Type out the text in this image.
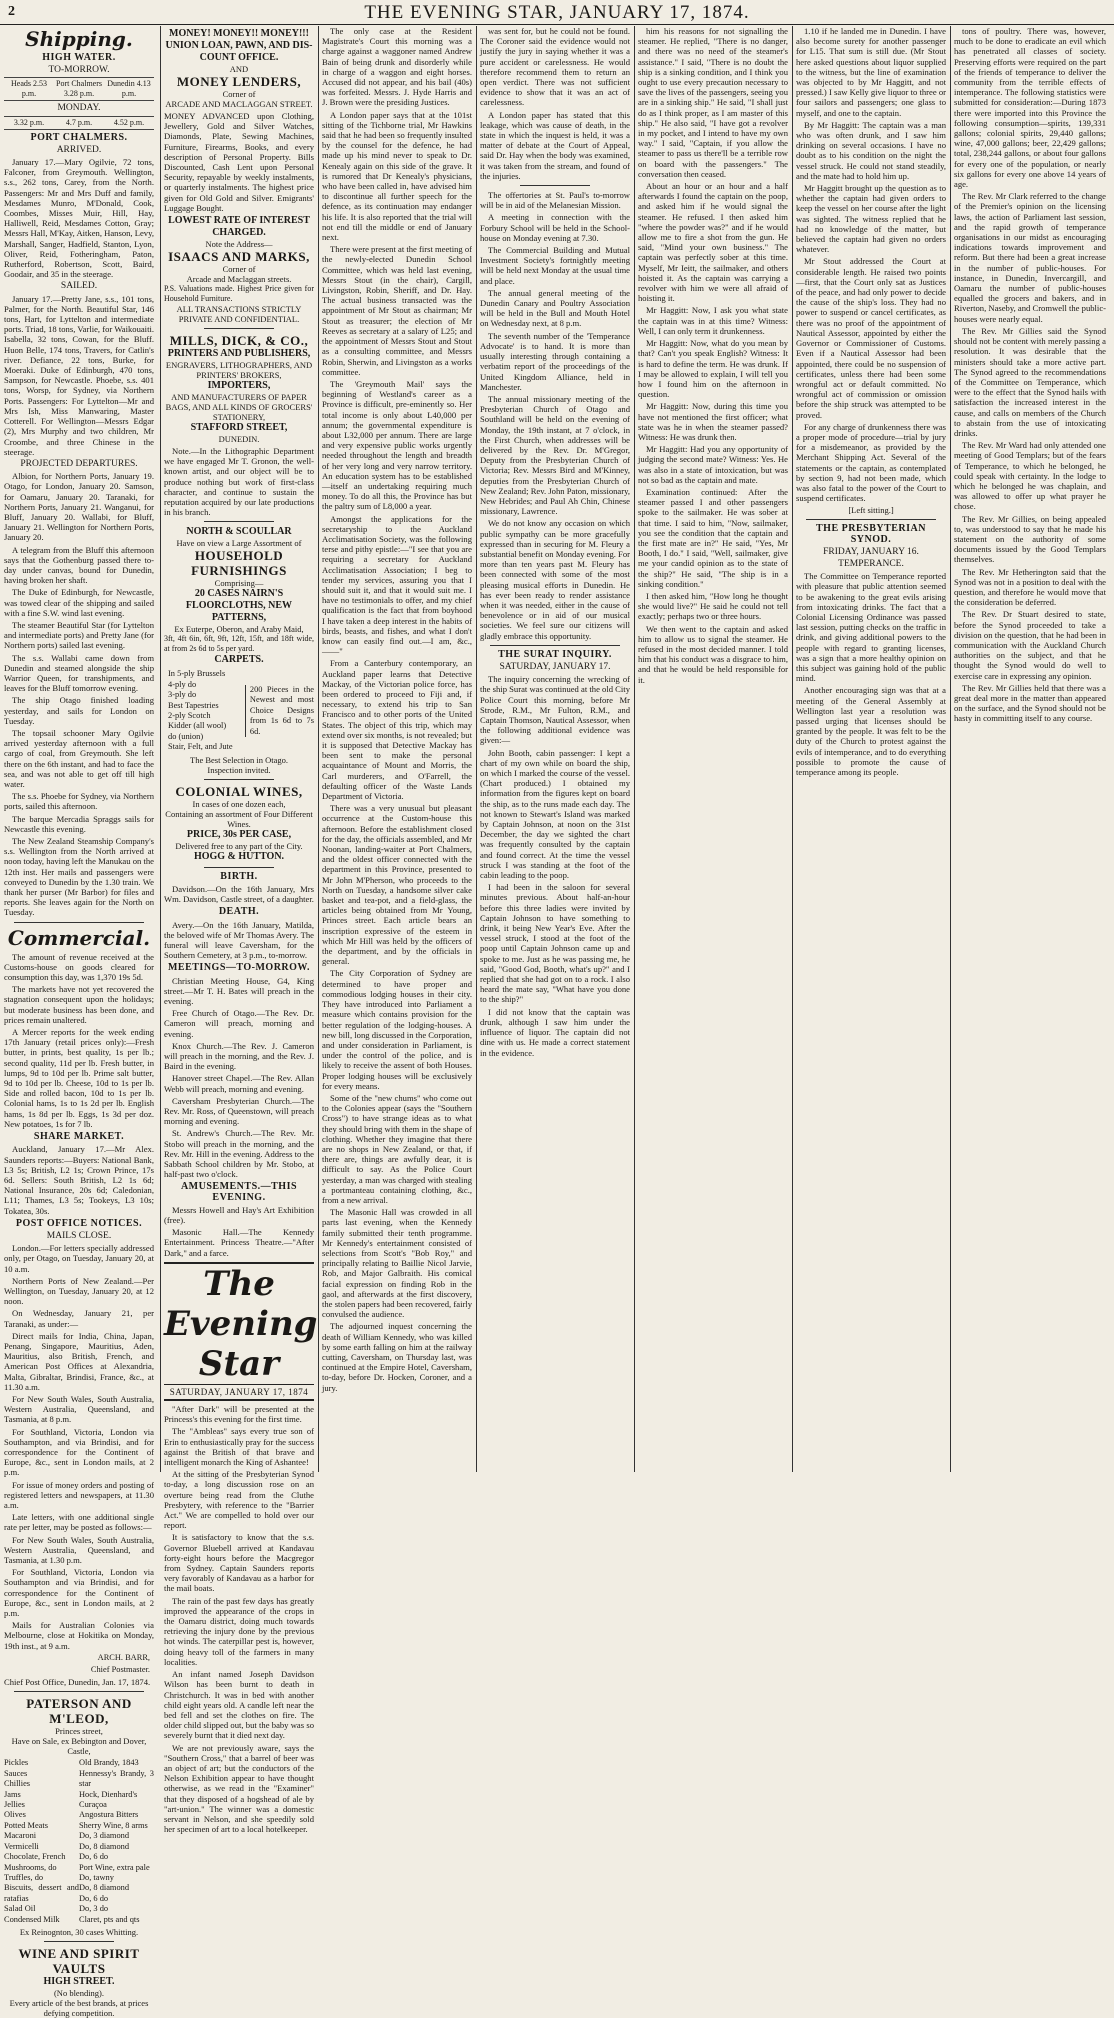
2	THE EVENING STAR, JANUARY 17, 1874.
Shipping.
HIGH WATER.
TO-MORROW.
Heads 2.53 p.m.
Port Chalmers 3.28 p.m.
Dunedin 4.13 p.m.
MONDAY.
3.32 p.m.	4.7 p.m.	4.52 p.m.
PORT CHALMERS.
ARRIVED.

January 17.—Mary Ogilvie, 72 tons, Falconer, from Greymouth. Wellington, s.s., 262 tons, Carey, from the North. Passengers: Mr and Mrs Duff and family, Mesdames Munro, M'Donald, Cook, Coombes, Misses Muir, Hill, Hay, Halliwell, Reid, Mesdames Cotton, Gray; Messrs Hall, M'Kay, Aitken, Hanson, Levy, Marshall, Sanger, Hadfield, Stanton, Lyon, Oliver, Reid, Fotheringham, Paton, Rutherford, Robertson, Scott, Baird, Goodair, and 35 in the steerage.

SAILED.

January 17.—Pretty Jane, s.s., 101 tons, Palmer, for the North. Beautiful Star, 146 tons, Hart, for Lyttelton and intermediate ports. Triad, 18 tons, Varlie, for Waikouaiti. Isabella, 32 tons, Cowan, for the Bluff. Huon Belle, 174 tons, Travers, for Catlin's river. Defiance, 22 tons, Burke, for Moeraki. Duke of Edinburgh, 470 tons, Sampson, for Newcastle. Phoebe, s.s. 401 tons, Worsp, for Sydney, via Northern Ports. Passengers: For Lyttelton—Mr and Mrs Ish, Miss Manwaring, Master Cotterell. For Wellington—Messrs Edgar (2), Mrs Murphy and two children, Mr Croombe, and three Chinese in the steerage.

PROJECTED DEPARTURES.

Albion, for Northern Ports, January 19. Otago, for London, January 20. Samson, for Oamaru, January 20. Taranaki, for Northern Ports, January 21. Wanganui, for Bluff, January 20. Wallabi, for Bluff, January 21. Wellington for Northern Ports, January 20.

A telegram from the Bluff this afternoon says that the Gothenburg passed there to-day under canvas, bound for Dunedin, having broken her shaft.

The Duke of Edinburgh, for Newcastle, was towed clear of the shipping and sailed with a fine S.W. wind last evening.

The steamer Beautiful Star (for Lyttelton and intermediate ports) and Pretty Jane (for Northern ports) sailed last evening.

The s.s. Wallabi came down from Dunedin and steamed alongside the ship Warrior Queen, for transhipments, and leaves for the Bluff tomorrow evening.

The ship Otago finished loading yesterday, and sails for London on Tuesday.

The topsail schooner Mary Ogilvie arrived yesterday afternoon with a full cargo of coal, from Greymouth. She left there on the 6th instant, and had to face the sea, and was not able to get off till high water.

The s.s. Phoebe for Sydney, via Northern ports, sailed this afternoon.

The barque Mercadia Spraggs sails for Newcastle this evening.

The New Zealand Steamship Company's s.s. Wellington from the North arrived at noon today, having left the Manukau on the 12th inst. Her mails and passengers were conveyed to Dunedin by the 1.30 train. We thank her purser (Mr Barbor) for files and reports. She leaves again for the North on Tuesday.

Commercial.

The amount of revenue received at the Customs-house on goods cleared for consumption this day, was 1,370 19s 5d.

The markets have not yet recovered the stagnation consequent upon the holidays; but moderate business has been done, and prices remain unaltered.

A Mercer reports for the week ending 17th January (retail prices only):—Fresh butter, in prints, best quality, 1s per lb.; second quality, 11d per lb. Fresh butter, in lumps, 9d to 10d per lb. Prime salt butter, 9d to 10d per lb. Cheese, 10d to 1s per lb. Side and rolled bacon, 10d to 1s per lb. Colonial hams, 1s to 1s 2d per lb. English hams, 1s 8d per lb. Eggs, 1s 3d per doz. New potatoes, 1s for 7 lb.

SHARE MARKET.

Auckland, January 17.—Mr Alex. Saunders reports:—Buyers: National Bank, L3 5s; British, L2 1s; Crown Prince, 17s 6d. Sellers: South British, L2 1s 6d; National Insurance, 20s 6d; Caledonian, L11; Thames, L3 5s; Tookeys, L3 10s; Tokatea, 30s.

POST OFFICE NOTICES.
MAILS CLOSE.

London.—For letters specially addressed only, per Otago, on Tuesday, January 20, at 10 a.m.

Northern Ports of New Zealand.—Per Wellington, on Tuesday, January 20, at 12 noon.

On Wednesday, January 21, per Taranaki, as under:—

Direct mails for India, China, Japan, Penang, Singapore, Mauritius, Aden, Mauritius, also British, French, and American Post Offices at Alexandria, Malta, Gibraltar, Brindisi, France, &c., at 11.30 a.m.

For New South Wales, South Australia, Western Australia, Queensland, and Tasmania, at 8 p.m.

For Southland, Victoria, London via Southampton, and via Brindisi, and for correspondence for the Continent of Europe, &c., sent in London mails, at 2 p.m.

For issue of money orders and posting of registered letters and newspapers, at 11.30 a.m.

Late letters, with one additional single rate per letter, may be posted as follows:—

For New South Wales, South Australia, Western Australia, Queensland, and Tasmania, at 1.30 p.m.

For Southland, Victoria, London via Southampton and via Brindisi, and for correspondence for the Continent of Europe, &c., sent in London mails, at 2 p.m.

Mails for Australian Colonies via Melbourne, close at Hokitika on Monday, 19th inst., at 9 a.m.

ARCH. BARR,
Chief Postmaster.

Chief Post Office, Dunedin, Jan. 17, 1874.

PATERSON AND M'LEOD,
Princes street,
Have on Sale, ex Bebington and Dover,
Castle,
Pickles
Sauces
Chillies
Jams
Jellies
Olives
Potted Meats
Macaroni
Vermicelli
Chocolate, French
Mushrooms, do
Truffles, do
Biscuits, dessert and ratafias
Salad Oil
Condensed Milk
Old Brandy, 1843
Hennessy's Brandy, 3 star
Hock, Dienhard's
Curaçoa
Angostura Bitters
Sherry Wine, 8 arms
Do, 3 diamond
Do, 8 diamond
Do, 6 do
Port Wine, extra pale
Do, tawny
Do, 8 diamond
Do, 6 do
Do, 3 do
Claret, pts and qts
Ex Reinognton, 30 cases Whitting.
WINE AND SPIRIT VAULTS
HIGH STREET.
(No blending).
Every article of the best brands, at prices defying competition.
MONEY! MONEY!! MONEY!!!
UNION LOAN, PAWN, AND DIS-
COUNT OFFICE.
AND
MONEY LENDERS,
Corner of
ARCADE AND MACLAGGAN STREET.

MONEY ADVANCED upon Clothing, Jewellery, Gold and Silver Watches, Diamonds, Plate, Sewing Machines, Furniture, Firearms, Books, and every description of Personal Property. Bills Discounted, Cash Lent upon Personal Security, repayable by weekly instalments, or quarterly instalments. The highest price given for Old Gold and Silver. Emigrants' Luggage Bought.

LOWEST RATE OF INTEREST
CHARGED.
Note the Address—
ISAACS AND MARKS,
Corner of
Arcade and Maclaggan streets.
P.S. Valuations made. Highest Price given for Household Furniture.
ALL TRANSACTIONS STRICTLY PRIVATE AND CONFIDENTIAL.
MILLS, DICK, & CO.,
PRINTERS AND PUBLISHERS,
ENGRAVERS, LITHOGRAPHERS, AND PRINTERS' BROKERS,
IMPORTERS,
AND MANUFACTURERS OF PAPER BAGS, AND ALL KINDS OF GROCERS' STATIONERY,
STAFFORD STREET,
DUNEDIN.

Note.—In the Lithographic Department we have engaged Mr T. Gronon, the well-known artist, and our object will be to produce nothing but work of first-class character, and continue to sustain the reputation acquired by our late productions in his branch.

NORTH & SCOULLAR
Have on view a Large Assortment of
HOUSEHOLD FURNISHINGS
Comprising—
20 CASES NAIRN'S FLOORCLOTHS, NEW PATTERNS,
Ex Euterpe, Oberon, and Araby Maid,
3ft, 4ft 6in, 6ft, 9ft, 12ft, 15ft, and 18ft wide, at from 2s 6d to 5s per yard.
CARPETS.
In 5-ply Brussels
4-ply do
3-ply do
Best Tapestries
2-ply Scotch
Kidder (all wool)
do (union)
Stair, Felt, and Jute
200 Pieces in the Newest and most Choice Designs from 1s 6d to 7s 6d.
The Best Selection in Otago.
Inspection invited.
COLONIAL WINES,
In cases of one dozen each,
Containing an assortment of Four Different Wines.
PRICE, 30s PER CASE,
Delivered free to any part of the City.
HOGG & HUTTON.
BIRTH.

Davidson.—On the 16th January, Mrs Wm. Davidson, Castle street, of a daughter.

DEATH.

Avery.—On the 16th January, Matilda, the beloved wife of Mr Thomas Avery. The funeral will leave Caversham, for the Southern Cemetery, at 3 p.m., to-morrow.

MEETINGS—TO-MORROW.

Christian Meeting House, G4, King street.—Mr T. H. Bates will preach in the evening.

Free Church of Otago.—The Rev. Dr. Cameron will preach, morning and evening.

Knox Church.—The Rev. J. Cameron will preach in the morning, and the Rev. J. Baird in the evening.

Hanover street Chapel.—The Rev. Allan Webb will preach, morning and evening.

Caversham Presbyterian Church.—The Rev. Mr. Ross, of Queenstown, will preach morning and evening.

St. Andrew's Church.—The Rev. Mr. Stobo will preach in the morning, and the Rev. Mr. Hill in the evening. Address to the Sabbath School children by Mr. Stobo, at half-past two o'clock.

AMUSEMENTS.—THIS EVENING.

Messrs Howell and Hay's Art Exhibition (free).

Masonic Hall.—The Kennedy Entertainment. Princess Theatre.—"After Dark," and a farce.

The Evening Star
SATURDAY, JANUARY 17, 1874

"After Dark" will be presented at the Princess's this evening for the first time.

The "Ambleas" says every true son of Erin to enthusiastically pray for the success against the British of that brave and intelligent monarch the King of Ashantee!

At the sitting of the Presbyterian Synod to-day, a long discussion rose on an overture being read from the Cluthe Presbytery, with reference to the "Barrier Act." We are compelled to hold over our report.

It is satisfactory to know that the s.s. Governor Bluebell arrived at Kandavau forty-eight hours before the Macgregor from Sydney. Captain Saunders reports very favorably of Kandavau as a harbor for the mail boats.

The rain of the past few days has greatly improved the appearance of the crops in the Oamaru district, doing much towards retrieving the injury done by the previous hot winds. The caterpillar pest is, however, doing heavy toll of the farmers in many localities.

An infant named Joseph Davidson Wilson has been burnt to death in Christchurch. It was in bed with another child eight years old. A candle left near the bed fell and set the clothes on fire. The older child slipped out, but the baby was so severely burnt that it died next day.

We are not previously aware, says the "Southern Cross," that a barrel of beer was an object of art; but the conductors of the Nelson Exhibition appear to have thought otherwise, as we read in the "Examiner" that they disposed of a hogshead of ale by "art-union." The winner was a domestic servant in Nelson, and she speedily sold her specimen of art to a local hotelkeeper.

The only case at the Resident Magistrate's Court this morning was a charge against a waggoner named Andrew Bain of being drunk and disorderly while in charge of a waggon and eight horses. Accused did not appear, and his bail (40s) was forfeited. Messrs. J. Hyde Harris and J. Brown were the presiding Justices.

A London paper says that at the 101st sitting of the Tichborne trial, Mr Hawkins said that he had been so frequently insulted by the counsel for the defence, he had made up his mind never to speak to Dr. Kenealy again on this side of the grave. It is rumored that Dr Kenealy's physicians, who have been called in, have advised him to discontinue all further speech for the defence, as its continuation may endanger his life. It is also reported that the trial will not end till the middle or end of January next.

There were present at the first meeting of the newly-elected Dunedin School Committee, which was held last evening, Messrs Stout (in the chair), Cargill, Livingston, Robin, Sheriff, and Dr. Hay. The actual business transacted was the appointment of Mr Stout as chairman; Mr Stout as treasurer; the election of Mr Reeves as secretary at a salary of L25; and the appointment of Messrs Stout and Stout as a consulting committee, and Messrs Robin, Sherwin, and Livingston as a works committee.

The 'Greymouth Mail' says the beginning of Westland's career as a Province is difficult, pre-eminently so. Her total income is only about L40,000 per annum; the governmental expenditure is about L32,000 per annum. There are large and very expensive public works urgently needed throughout the length and breadth of her very long and very narrow territory. An education system has to be established—itself an undertaking requiring much money. To do all this, the Province has but the paltry sum of L8,000 a year.

Amongst the applications for the secretaryship to the Auckland Acclimatisation Society, was the following terse and pithy epistle:—"I see that you are requiring a secretary for Auckland Acclimatisation Association; I beg to tender my services, assuring you that I should suit it, and that it would suit me. I have no testimonials to offer, and my chief qualification is the fact that from boyhood I have taken a deep interest in the habits of birds, beasts, and fishes, and what I don't know can easily find out.—I am, &c., ——"

From a Canterbury contemporary, an Auckland paper learns that Detective Mackay, of the Victorian police force, has been ordered to proceed to Fiji and, if necessary, to extend his trip to San Francisco and to other ports of the United States. The object of this trip, which may extend over six months, is not revealed; but it is supposed that Detective Mackay has been sent to make the personal acquaintance of Mount and Morris, the Carl murderers, and O'Farrell, the defaulting officer of the Waste Lands Department of Victoria.

There was a very unusual but pleasant occurrence at the Custom-house this afternoon. Before the establishment closed for the day, the officials assembled, and Mr Noonan, landing-waiter at Port Chalmers, and the oldest officer connected with the department in this Province, presented to Mr John M'Pherson, who proceeds to the North on Tuesday, a handsome silver cake basket and tea-pot, and a field-glass, the articles being obtained from Mr Young, Princes street. Each article bears an inscription expressive of the esteem in which Mr Hill was held by the officers of the department, and by the officials in general.

The City Corporation of Sydney are determined to have proper and commodious lodging houses in their city. They have introduced into Parliament a measure which contains provision for the better regulation of the lodging-houses. A new bill, long discussed in the Corporation, and under consideration in Parliament, is under the control of the police, and is likely to receive the assent of both Houses. Proper lodging houses will be exclusively for every means.

Some of the "new chums" who come out to the Colonies appear (says the "Southern Cross") to have strange ideas as to what they should bring with them in the shape of clothing. Whether they imagine that there are no shops in New Zealand, or that, if there are, things are awfully dear, it is difficult to say. As the Police Court yesterday, a man was charged with stealing a portmanteau containing clothing, &c., from a new arrival.

The Masonic Hall was crowded in all parts last evening, when the Kennedy family submitted their tenth programme. Mr Kennedy's entertainment consisted of selections from Scott's "Bob Roy," and principally relating to Baillie Nicol Jarvie, Rob, and Major Galbraith. His comical facial expression on finding Rob in the gaol, and afterwards at the first discovery, the stolen papers had been recovered, fairly convulsed the audience.

The adjourned inquest concerning the death of William Kennedy, who was killed by some earth falling on him at the railway cutting, Caversham, on Thursday last, was continued at the Empire Hotel, Caversham, to-day, before Dr. Hocken, Coroner, and a jury.

was sent for, but he could not be found. The Coroner said the evidence would not justify the jury in saying whether it was a pure accident or carelessness. He would therefore recommend them to return an open verdict. There was not sufficient evidence to show that it was an act of carelessness.

A London paper has stated that this leakage, which was cause of death, in the state in which the inquest is held, it was a matter of debate at the Court of Appeal, said Dr. Hay when the body was examined, it was taken from the stream, and found of the injuries.

The offertories at St. Paul's to-morrow will be in aid of the Melanesian Mission.

A meeting in connection with the Forbury School will be held in the School-house on Monday evening at 7.30.

The Commercial Building and Mutual Investment Society's fortnightly meeting will be held next Monday at the usual time and place.

The annual general meeting of the Dunedin Canary and Poultry Association will be held in the Bull and Mouth Hotel on Wednesday next, at 8 p.m.

The seventh number of the 'Temperance Advocate' is to hand. It is more than usually interesting through containing a verbatim report of the proceedings of the United Kingdom Alliance, held in Manchester.

The annual missionary meeting of the Presbyterian Church of Otago and Southland will be held on the evening of Monday, the 19th instant, at 7 o'clock, in the First Church, when addresses will be delivered by the Rev. Dr. M'Gregor, Deputy from the Presbyterian Church of Victoria; Rev. Messrs Bird and M'Kinney, deputies from the Presbyterian Church of New Zealand; Rev. John Paton, missionary, New Hebrides; and Paul Ah Chin, Chinese missionary, Lawrence.

We do not know any occasion on which public sympathy can be more gracefully expressed than in securing for M. Fleury a substantial benefit on Monday evening. For more than ten years past M. Fleury has been connected with some of the most pleasing musical efforts in Dunedin. He has ever been ready to render assistance when it was needed, either in the cause of benevolence or in aid of our musical societies. We feel sure our citizens will gladly embrace this opportunity.

THE SURAT INQUIRY.
SATURDAY, JANUARY 17.

The inquiry concerning the wrecking of the ship Surat was continued at the old City Police Court this morning, before Mr Strode, R.M., Mr Fulton, R.M., and Captain Thomson, Nautical Assessor, when the following additional evidence was given:—

John Booth, cabin passenger: I kept a chart of my own while on board the ship, on which I marked the course of the vessel. (Chart produced.) I obtained my information from the figures kept on board the ship, as to the runs made each day. The not known to Stewart's Island was marked by Captain Johnson, at noon on the 31st December, the day we sighted the chart was frequently consulted by the captain and found correct. At the time the vessel struck I was standing at the foot of the cabin leading to the poop.

I had been in the saloon for several minutes previous. About half-an-hour before this three ladies were invited by Captain Johnson to have something to drink, it being New Year's Eve. After the vessel struck, I stood at the foot of the poop until Captain Johnson came up and spoke to me. Just as he was passing me, he said, "Good God, Booth, what's up?" and I replied that she had got on to a rock. I also heard the mate say, "What have you done to the ship?"

I did not know that the captain was drunk, although I saw him under the influence of liquor. The captain did not dine with us. He made a correct statement in the evidence.

him his reasons for not signalling the steamer. He replied, "There is no danger, and there was no need of the steamer's assistance." I said, "There is no doubt the ship is a sinking condition, and I think you ought to use every precaution necessary to save the lives of the passengers, seeing you are in a sinking ship." He said, "I shall just do as I think proper, as I am master of this ship." He also said, "I have got a revolver in my pocket, and I intend to have my own way." I said, "Captain, if you allow the steamer to pass us there'll be a terrible row on board with the passengers." The conversation then ceased.

About an hour or an hour and a half afterwards I found the captain on the poop, and asked him if he would signal the steamer. He refused. I then asked him "where the powder was?" and if he would allow me to fire a shot from the gun. He said, "Mind your own business." The captain was perfectly sober at this time. Myself, Mr Ieitt, the sailmaker, and others hoisted it. As the captain was carrying a revolver with him we were all afraid of hoisting it.

Mr Haggitt: Now, I ask you what state the captain was in at this time? Witness: Well, I can only term it drunkenness.

Mr Haggitt: Now, what do you mean by that? Can't you speak English? Witness: It is hard to define the term. He was drunk. If I may be allowed to explain, I will tell you how I found him on the afternoon in question.

Mr Haggitt: Now, during this time you have not mentioned the first officer; what state was he in when the steamer passed? Witness: He was drunk then.

Mr Haggitt: Had you any opportunity of judging the second mate? Witness: Yes. He was also in a state of intoxication, but was not so bad as the captain and mate.

Examination continued: After the steamer passed I and other passengers spoke to the sailmaker. He was sober at that time. I said to him, "Now, sailmaker, you see the condition that the captain and the first mate are in?" He said, "Yes, Mr Booth, I do." I said, "Well, sailmaker, give me your candid opinion as to the state of the ship?" He said, "The ship is in a sinking condition."

I then asked him, "How long he thought she would live?" He said he could not tell exactly; perhaps two or three hours.

We then went to the captain and asked him to allow us to signal the steamer. He refused in the most decided manner. I told him that his conduct was a disgrace to him, and that he would be held responsible for it.

1.10 if he landed me in Dunedin. I have also become surety for another passenger for L15. That sum is still due. (Mr Stout here asked questions about liquor supplied to the witness, but the line of examination was objected to by Mr Haggitt, and not pressed.) I saw Kelly give liquor to three or four sailors and passengers; one glass to myself, and one to the captain.

By Mr Haggitt: The captain was a man who was often drunk, and I saw him drinking on several occasions. I have no doubt as to his condition on the night the vessel struck. He could not stand steadily, and the mate had to hold him up.

Mr Haggitt brought up the question as to whether the captain had given orders to keep the vessel on her course after the light was sighted. The witness replied that he had no knowledge of the matter, but believed the captain had given no orders whatever.

Mr Stout addressed the Court at considerable length. He raised two points—first, that the Court only sat as Justices of the peace, and had only power to decide the cause of the ship's loss. They had no power to suspend or cancel certificates, as there was no proof of the appointment of Nautical Assessor, appointed by either the Governor or Commissioner of Customs. Even if a Nautical Assessor had been appointed, there could be no suspension of certificates, unless there had been some wrongful act or default committed. No wrongful act of commission or omission before the ship struck was attempted to be proved.

For any charge of drunkenness there was a proper mode of procedure—trial by jury for a misdemeanor, as provided by the Merchant Shipping Act. Several of the statements or the captain, as contemplated by section 9, had not been made, which was also fatal to the power of the Court to suspend certificates.

[Left sitting.]
THE PRESBYTERIAN SYNOD.
FRIDAY, JANUARY 16.
TEMPERANCE.

The Committee on Temperance reported with pleasure that public attention seemed to be awakening to the great evils arising from intoxicating drinks. The fact that a Colonial Licensing Ordinance was passed last session, putting checks on the traffic in drink, and giving additional powers to the people with regard to granting licenses, was a sign that a more healthy opinion on this subject was gaining hold of the public mind.

Another encouraging sign was that at a meeting of the General Assembly at Wellington last year a resolution was passed urging that licenses should be granted by the people. It was felt to be the duty of the Church to protest against the evils of intemperance, and to do everything possible to promote the cause of temperance among its people.

tons of poultry. There was, however, much to be done to eradicate an evil which has penetrated all classes of society. Preserving efforts were required on the part of the friends of temperance to deliver the community from the terrible effects of intemperance. The following statistics were submitted for consideration:—During 1873 there were imported into this Province the following consumption—spirits, 139,331 gallons; colonial spirits, 29,440 gallons; wine, 47,000 gallons; beer, 22,429 gallons; total, 238,244 gallons, or about four gallons for every one of the population, or nearly six gallons for every one above 14 years of age.

The Rev. Mr Clark referred to the change of the Premier's opinion on the licensing laws, the action of Parliament last session, and the rapid growth of temperance organisations in our midst as encouraging indications towards improvement and reform. But there had been a great increase in the number of public-houses. For instance, in Dunedin, Invercargill, and Oamaru the number of public-houses equalled the grocers and bakers, and in Riverton, Naseby, and Cromwell the public-houses were nearly equal.

The Rev. Mr Gillies said the Synod should not be content with merely passing a resolution. It was desirable that the ministers should take a more active part. The Synod agreed to the recommendations of the Committee on Temperance, which were to the effect that the Synod hails with satisfaction the increased interest in the cause, and calls on members of the Church to abstain from the use of intoxicating drinks.

The Rev. Mr Ward had only attended one meeting of Good Templars; but of the fears of Temperance, to which he belonged, he could speak with certainty. In the lodge to which he belonged he was chaplain, and was allowed to offer up what prayer he chose.

The Rev. Mr Gillies, on being appealed to, was understood to say that he made his statement on the authority of some documents issued by the Good Templars themselves.

The Rev. Mr Hetherington said that the Synod was not in a position to deal with the question, and therefore he would move that the consideration be deferred.

The Rev. Dr Stuart desired to state, before the Synod proceeded to take a division on the question, that he had been in communication with the Auckland Church authorities on the subject, and that he thought the Synod would do well to exercise care in expressing any opinion.

The Rev. Mr Gillies held that there was a great deal more in the matter than appeared on the surface, and the Synod should not be hasty in committing itself to any course.
